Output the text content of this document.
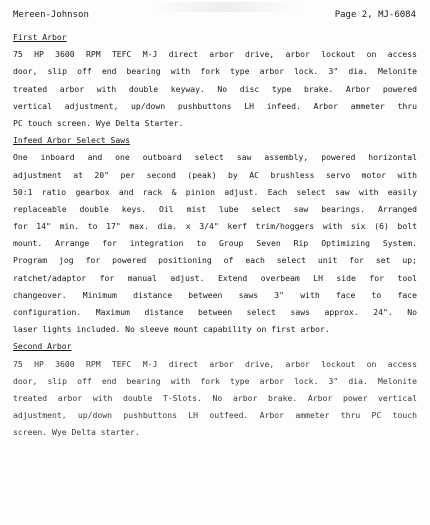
Mereen-Johnson	Page 2, MJ-6084
First Arbor
75 HP 3600 RPM TEFC M-J direct arbor drive, arbor lockout on access
door, slip off end bearing with fork type arbor lock. 3" dia. Melonite
treated arbor with double keyway. No disc type brake. Arbor powered
vertical adjustment, up/down pushbuttons LH infeed. Arbor ammeter thru
PC touch screen. Wye Delta Starter.
Infeed Arbor Select Saws
One inboard and one outboard select saw assembly, powered horizontal
adjustment at 20" per second (peak) by AC brushless servo motor with
50:1 ratio gearbox and rack & pinion adjust. Each select saw with easily
replaceable double keys. Oil mist lube select saw bearings. Arranged
for 14" min. to 17" max. dia. x 3/4" kerf trim/hoggers with six (6) bolt
mount. Arrange for integration to Group Seven Rip Optimizing System.
Program jog for powered positioning of each select unit for set up;
ratchet/adaptor for manual adjust. Extend overbeam LH side for tool
changeover. Minimum distance between saws 3" with face to face
configuration. Maximum distance between select saws approx. 24". No
laser lights included. No sleeve mount capability on first arbor.
Second Arbor
75 HP 3600 RPM TEFC M-J direct arbor drive, arbor lockout on access
door, slip off end bearing with fork type arbor lock. 3" dia. Melonite
treated arbor with double T-Slots. No arbor brake. Arbor power vertical
adjustment, up/down pushbuttons LH outfeed. Arbor ammeter thru PC touch
screen. Wye Delta starter.
